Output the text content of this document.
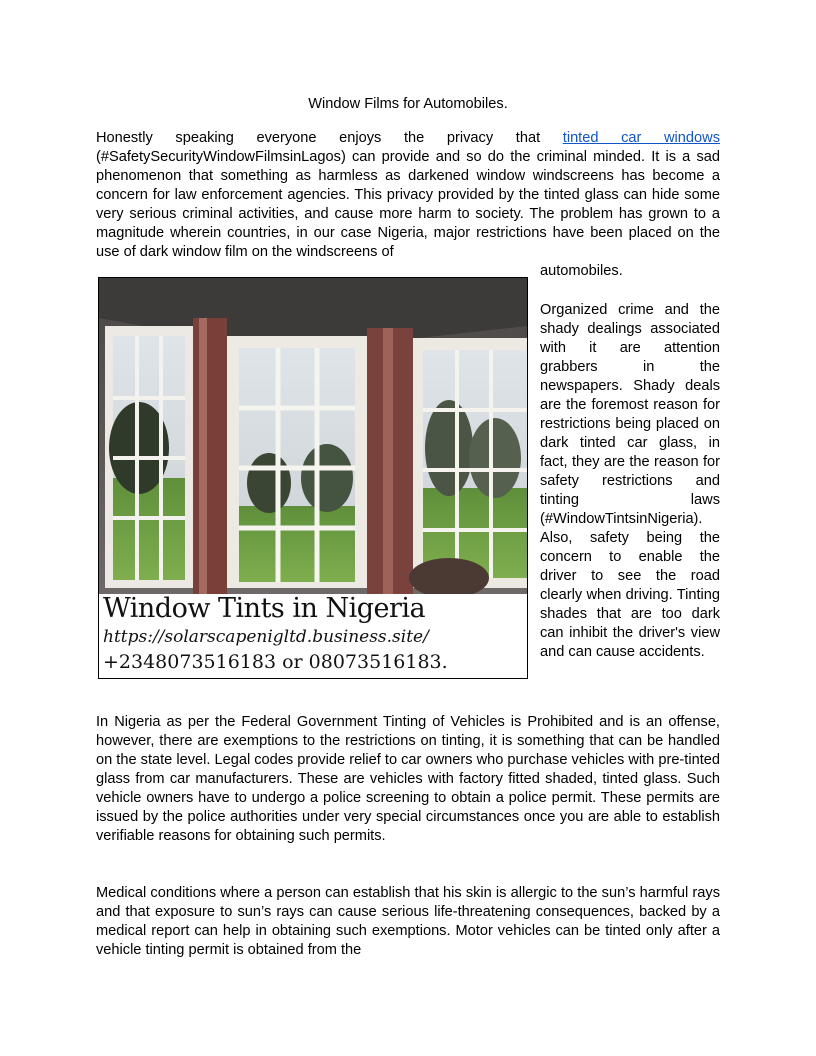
Window Films for Automobiles.

Honestly speaking everyone enjoys the privacy that tinted car windows (#SafetySecurityWindowFilmsinLagos) can provide and so do the criminal minded. It is a sad phenomenon that something as harmless as darkened window windscreens has become a concern for law enforcement agencies. This privacy provided by the tinted glass can hide some very serious criminal activities, and cause more harm to society. The problem has grown to a magnitude wherein countries, in our case Nigeria, major restrictions have been placed on the use of dark window film on the windscreens of

automobiles.
Window Tints in Nigeria
https://solarscapenigltd.business.site/
+2348073516183 or 08073516183.

Organized crime and the shady dealings associated with it are attention grabbers in the newspapers. Shady deals are the foremost reason for restrictions being placed on dark tinted car glass, in fact, they are the reason for safety restrictions and tinting laws (#WindowTintsinNigeria). Also, safety being the concern to enable the driver to see the road clearly when driving. Tinting shades that are too dark can inhibit the driver's view and can cause accidents.

In Nigeria as per the Federal Government Tinting of Vehicles is Prohibited and is an offense, however, there are exemptions to the restrictions on tinting, it is something that can be handled on the state level. Legal codes provide relief to car owners who purchase vehicles with pre-tinted glass from car manufacturers. These are vehicles with factory fitted shaded, tinted glass. Such vehicle owners have to undergo a police screening to obtain a police permit. These permits are issued by the police authorities under very special circumstances once you are able to establish verifiable reasons for obtaining such permits.

Medical conditions where a person can establish that his skin is allergic to the sun’s harmful rays and that exposure to sun’s rays can cause serious life-threatening consequences, backed by a medical report can help in obtaining such exemptions. Motor vehicles can be tinted only after a vehicle tinting permit is obtained from the
